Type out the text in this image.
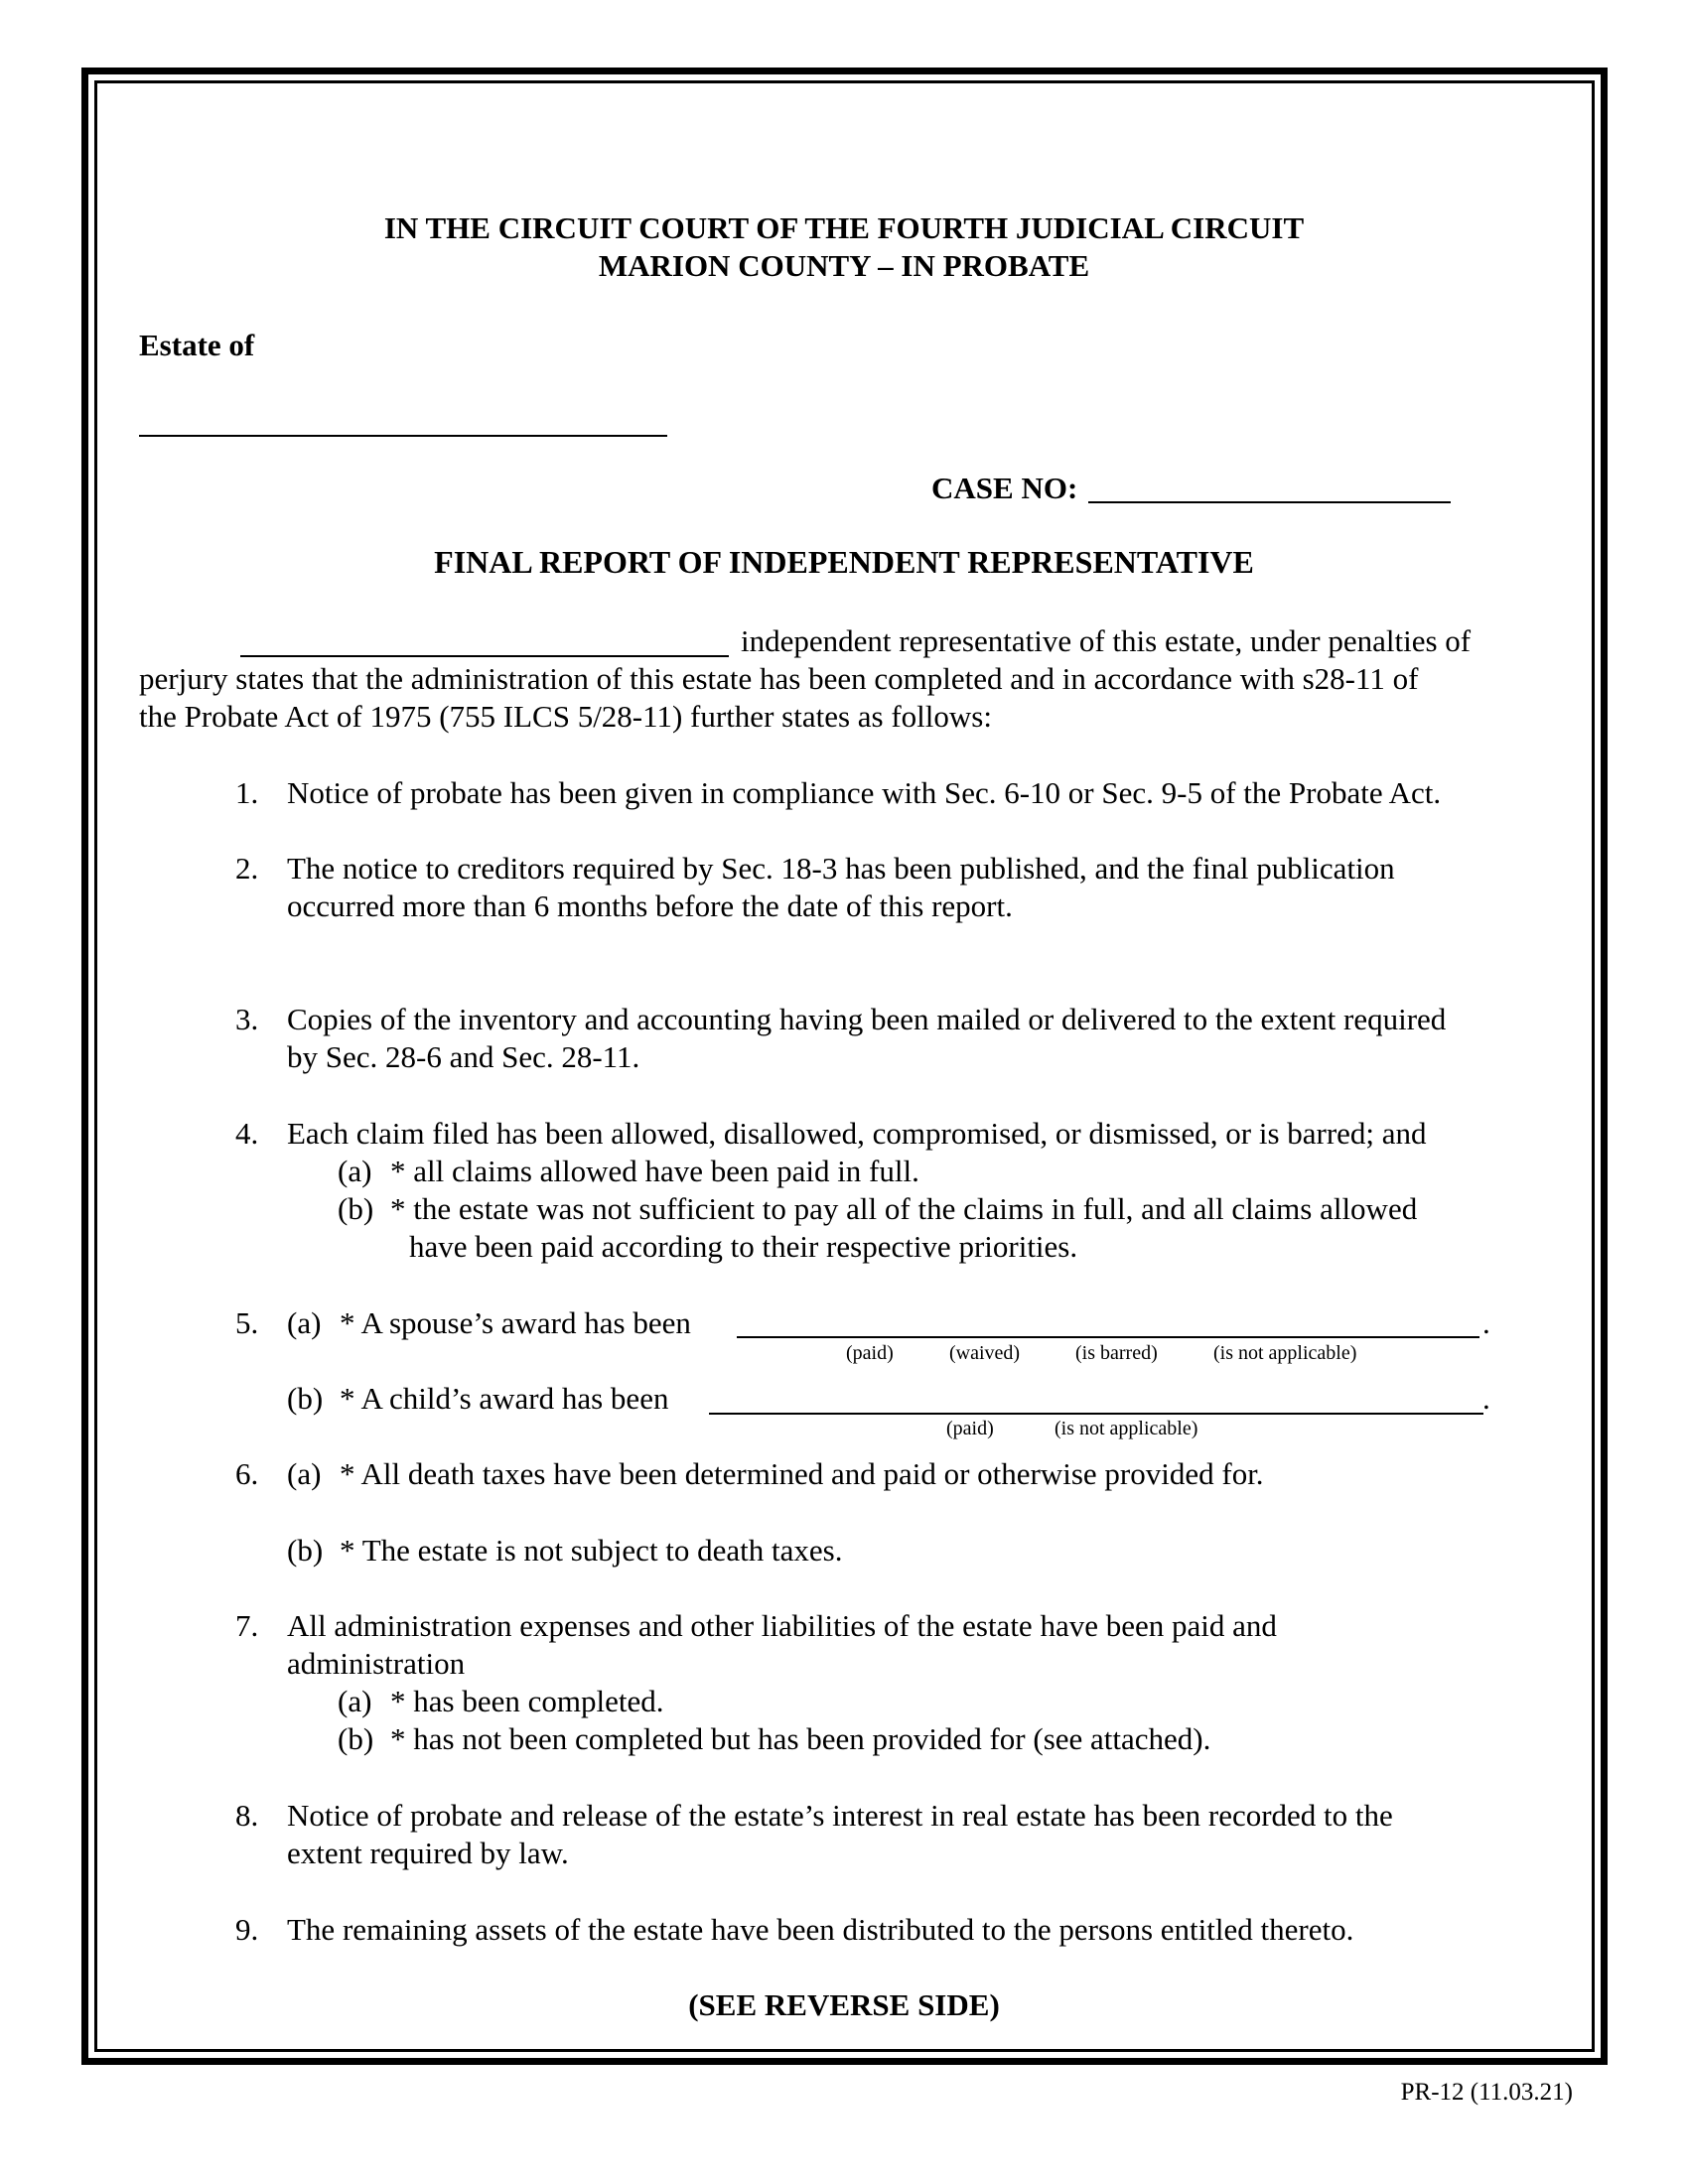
IN THE CIRCUIT COURT OF THE FOURTH JUDICIAL CIRCUIT
MARION COUNTY – IN PROBATE
Estate of
CASE NO:
FINAL REPORT OF INDEPENDENT REPRESENTATIVE
independent representative of this estate, under penalties of
perjury states that the administration of this estate has been completed and in accordance with s28-11 of
the Probate Act of 1975 (755 ILCS 5/28-11) further states as follows:
1. Notice of probate has been given in compliance with Sec. 6-10 or Sec. 9-5 of the Probate Act.
2. The notice to creditors required by Sec. 18-3 has been published, and the final publication
occurred more than 6 months before the date of this report.
3. Copies of the inventory and accounting having been mailed or delivered to the extent required
by Sec. 28-6 and Sec. 28-11.
4. Each claim filed has been allowed, disallowed, compromised, or dismissed, or is barred; and
(a) * all claims allowed have been paid in full.
(b) * the estate was not sufficient to pay all of the claims in full, and all claims allowed
have been paid according to their respective priorities.
5. (a) * A spouse’s award has been	.
(paid)	(waived)	(is barred)	(is not applicable)
(b) * A child’s award has been	.
(paid)	(is not applicable)
6. (a) * All death taxes have been determined and paid or otherwise provided for.
(b) * The estate is not subject to death taxes.
7. All administration expenses and other liabilities of the estate have been paid and
administration
(a) * has been completed.
(b) * has not been completed but has been provided for (see attached).
8. Notice of probate and release of the estate’s interest in real estate has been recorded to the
extent required by law.
9. The remaining assets of the estate have been distributed to the persons entitled thereto.
(SEE REVERSE SIDE)
PR-12 (11.03.21)
